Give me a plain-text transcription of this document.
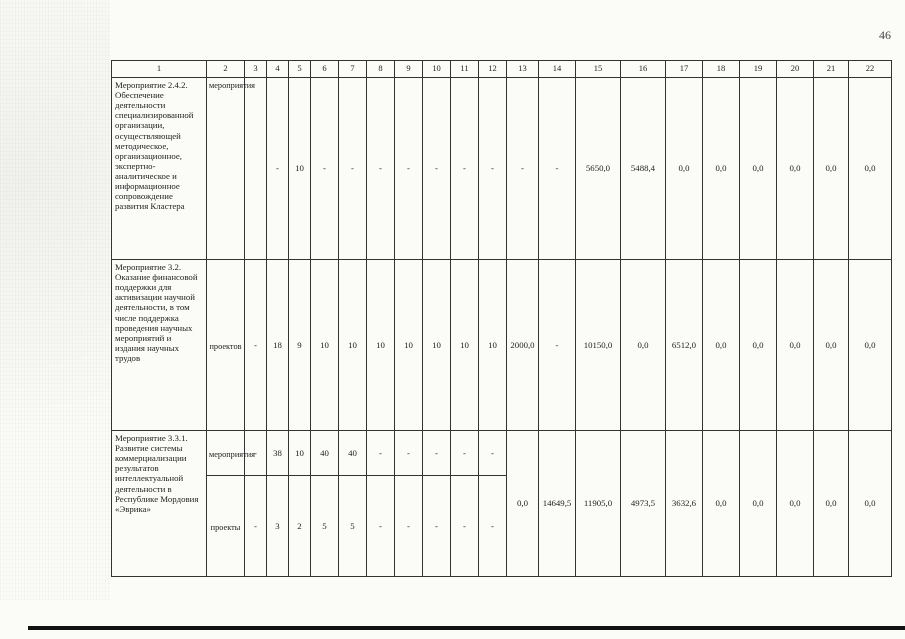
46
1	2	3	4	5	6	7	8	9	10	11	12	13	14	15	16	17	18	19	20	21	22
Мероприятие 2.4.2. Обеспечение деятельности специализированной организации, осуществляющей методическое, организационное, экспертно-аналитическое и информационное сопровождение развития Кластера	мероприятия		-	10	-	-	-	-	-	-	-	-	-	5650,0	5488,4	0,0	0,0	0,0	0,0	0,0	0,0
Мероприятие 3.2. Оказание финансовой поддержки для активизации научной деятельности, в том числе поддержка проведения научных мероприятий и издания научных трудов	проектов	-	18	9	10	10	10	10	10	10	10	2000,0	-	10150,0	0,0	6512,0	0,0	0,0	0,0	0,0	0,0
Мероприятие 3.3.1. Развитие системы коммерциализации результатов интеллектуальной деятельности в Республике Мордовия «Эврика»	мероприятия	-	38	10	40	40	-	-	-	-	-	0,0	14649,5	11905,0	4973,5	3632,6	0,0	0,0	0,0	0,0	0,0
	проекты	-	3	2	5	5	-	-	-	-	-										
